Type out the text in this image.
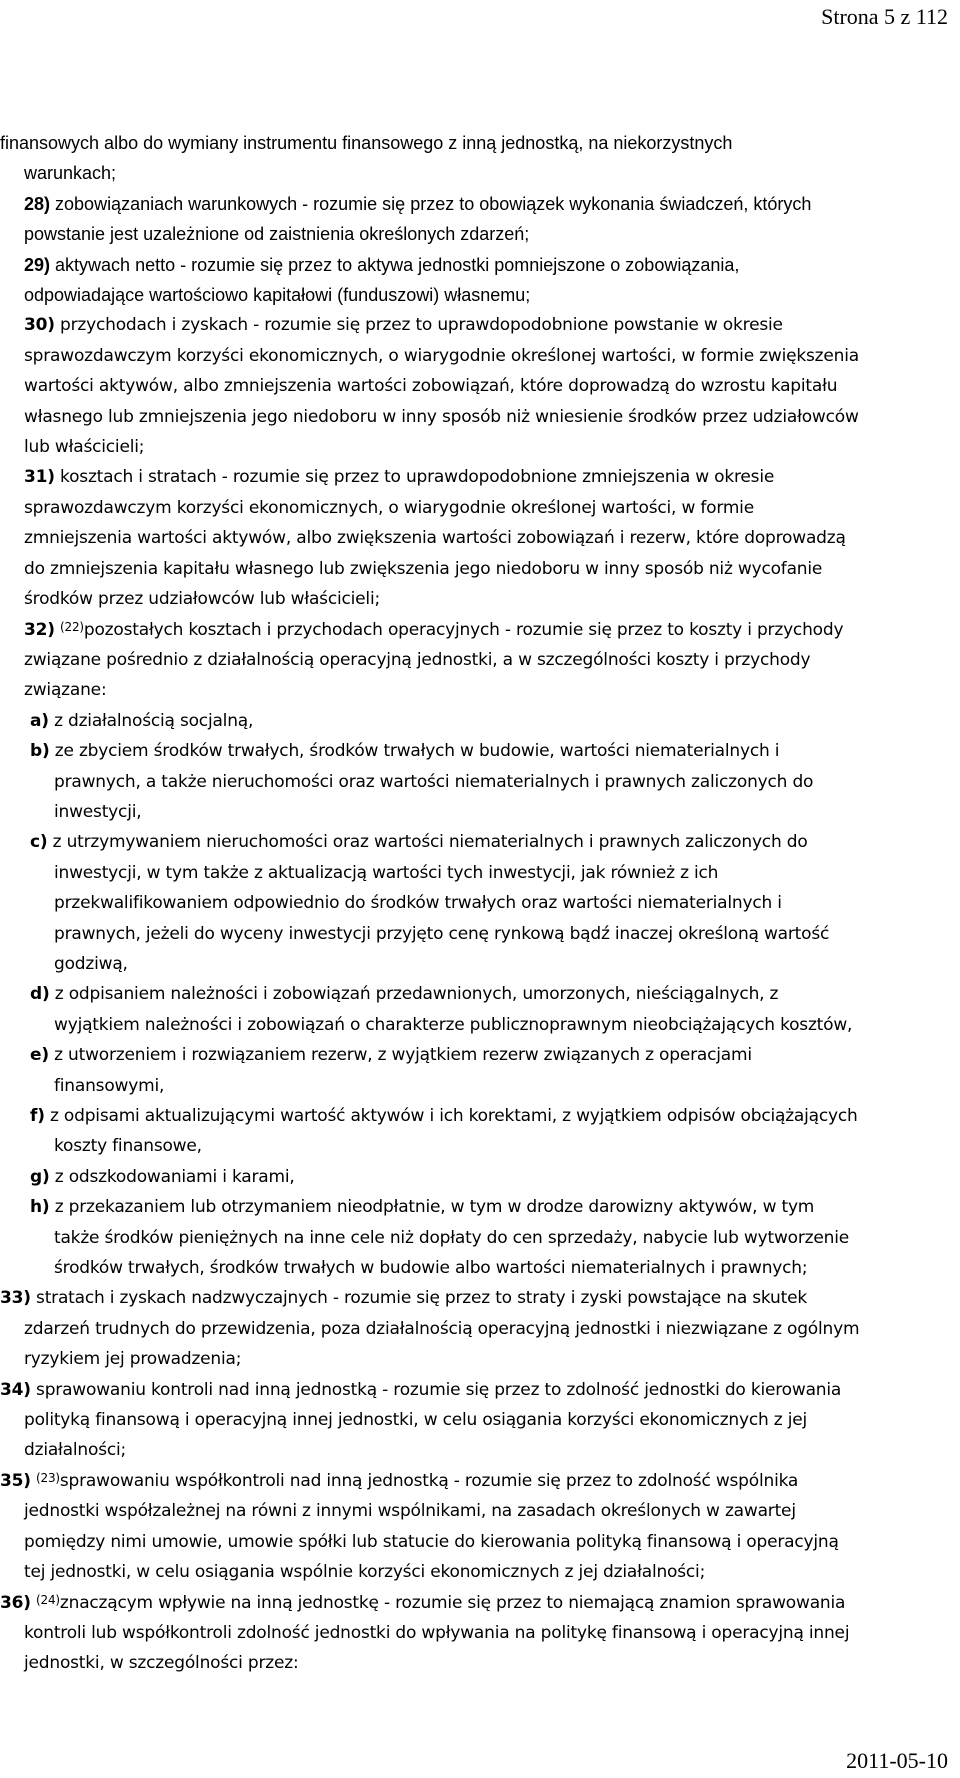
Strona 5 z 112

finansowych albo do wymiany instrumentu finansowego z inną jednostką, na niekorzystnych
warunkach;

28) zobowiązaniach warunkowych - rozumie się przez to obowiązek wykonania świadczeń, których
powstanie jest uzależnione od zaistnienia określonych zdarzeń;

29) aktywach netto - rozumie się przez to aktywa jednostki pomniejszone o zobowiązania,
odpowiadające wartościowo kapitałowi (funduszowi) własnemu;

30) przychodach i zyskach - rozumie się przez to uprawdopodobnione powstanie w okresie
sprawozdawczym korzyści ekonomicznych, o wiarygodnie określonej wartości, w formie zwiększenia
wartości aktywów, albo zmniejszenia wartości zobowiązań, które doprowadzą do wzrostu kapitału
własnego lub zmniejszenia jego niedoboru w inny sposób niż wniesienie środków przez udziałowców
lub właścicieli;

31) kosztach i stratach - rozumie się przez to uprawdopodobnione zmniejszenia w okresie
sprawozdawczym korzyści ekonomicznych, o wiarygodnie określonej wartości, w formie
zmniejszenia wartości aktywów, albo zwiększenia wartości zobowiązań i rezerw, które doprowadzą
do zmniejszenia kapitału własnego lub zwiększenia jego niedoboru w inny sposób niż wycofanie
środków przez udziałowców lub właścicieli;

32) $^{(22)}$pozostałych kosztach i przychodach operacyjnych - rozumie się przez to koszty i przychody
związane pośrednio z działalnością operacyjną jednostki, a w szczególności koszty i przychody
związane:
a) z działalnością socjalną,
b) ze zbyciem środków trwałych, środków trwałych w budowie, wartości niematerialnych i
prawnych, a także nieruchomości oraz wartości niematerialnych i prawnych zaliczonych do
inwestycji,
c) z utrzymywaniem nieruchomości oraz wartości niematerialnych i prawnych zaliczonych do
inwestycji, w tym także z aktualizacją wartości tych inwestycji, jak również z ich
przekwalifikowaniem odpowiednio do środków trwałych oraz wartości niematerialnych i
prawnych, jeżeli do wyceny inwestycji przyjęto cenę rynkową bądź inaczej określoną wartość
godziwą,
d) z odpisaniem należności i zobowiązań przedawnionych, umorzonych, nieściągalnych, z
wyjątkiem należności i zobowiązań o charakterze publicznoprawnym nieobciążających kosztów,
e) z utworzeniem i rozwiązaniem rezerw, z wyjątkiem rezerw związanych z operacjami
finansowymi,
f) z odpisami aktualizującymi wartość aktywów i ich korektami, z wyjątkiem odpisów obciążających
koszty finansowe,
g) z odszkodowaniami i karami,
h) z przekazaniem lub otrzymaniem nieodpłatnie, w tym w drodze darowizny aktywów, w tym
także środków pieniężnych na inne cele niż dopłaty do cen sprzedaży, nabycie lub wytworzenie
środków trwałych, środków trwałych w budowie albo wartości niematerialnych i prawnych;

33) stratach i zyskach nadzwyczajnych - rozumie się przez to straty i zyski powstające na skutek
zdarzeń trudnych do przewidzenia, poza działalnością operacyjną jednostki i niezwiązane z ogólnym
ryzykiem jej prowadzenia;

34) sprawowaniu kontroli nad inną jednostką - rozumie się przez to zdolność jednostki do kierowania
polityką finansową i operacyjną innej jednostki, w celu osiągania korzyści ekonomicznych z jej
działalności;

35) $^{(23)}$sprawowaniu współkontroli nad inną jednostką - rozumie się przez to zdolność wspólnika
jednostki współzależnej na równi z innymi wspólnikami, na zasadach określonych w zawartej
pomiędzy nimi umowie, umowie spółki lub statucie do kierowania polityką finansową i operacyjną
tej jednostki, w celu osiągania wspólnie korzyści ekonomicznych z jej działalności;

36) $^{(24)}$znaczącym wpływie na inną jednostkę - rozumie się przez to niemającą znamion sprawowania
kontroli lub współkontroli zdolność jednostki do wpływania na politykę finansową i operacyjną innej
jednostki, w szczególności przez:

2011-05-10
